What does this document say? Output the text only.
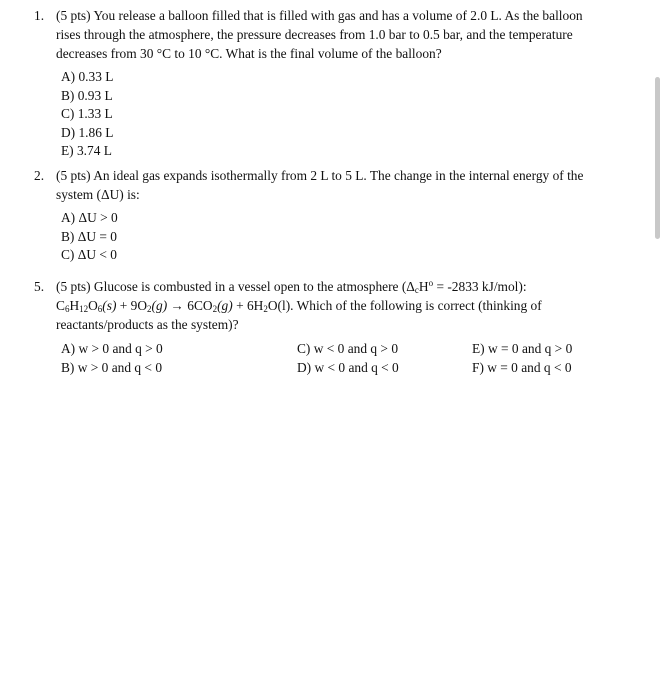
1. (5 pts) You release a balloon filled that is filled with gas and has a volume of 2.0 L. As the balloon rises through the atmosphere, the pressure decreases from 1.0 bar to 0.5 bar, and the temperature decreases from 30 °C to 10 °C. What is the final volume of the balloon?
A) 0.33 L
B) 0.93 L
C) 1.33 L
D) 1.86 L
E) 3.74 L
2. (5 pts) An ideal gas expands isothermally from 2 L to 5 L. The change in the internal energy of the system (ΔU) is:
A) ΔU > 0
B) ΔU = 0
C) ΔU < 0
5. (5 pts) Glucose is combusted in a vessel open to the atmosphere ($\Delta_cH^o = -2833$ kJ/mol):
$C_6H_{12}O_6(s) + 9O_2(g) \to 6CO_2(g) + 6H_2O(l)$. Which of the following is correct (thinking of reactants/products as the system)?
A) w > 0 and q > 0	C) w < 0 and q > 0	E) w = 0 and q > 0
B) w > 0 and q < 0	D) w < 0 and q < 0	F) w = 0 and q < 0
